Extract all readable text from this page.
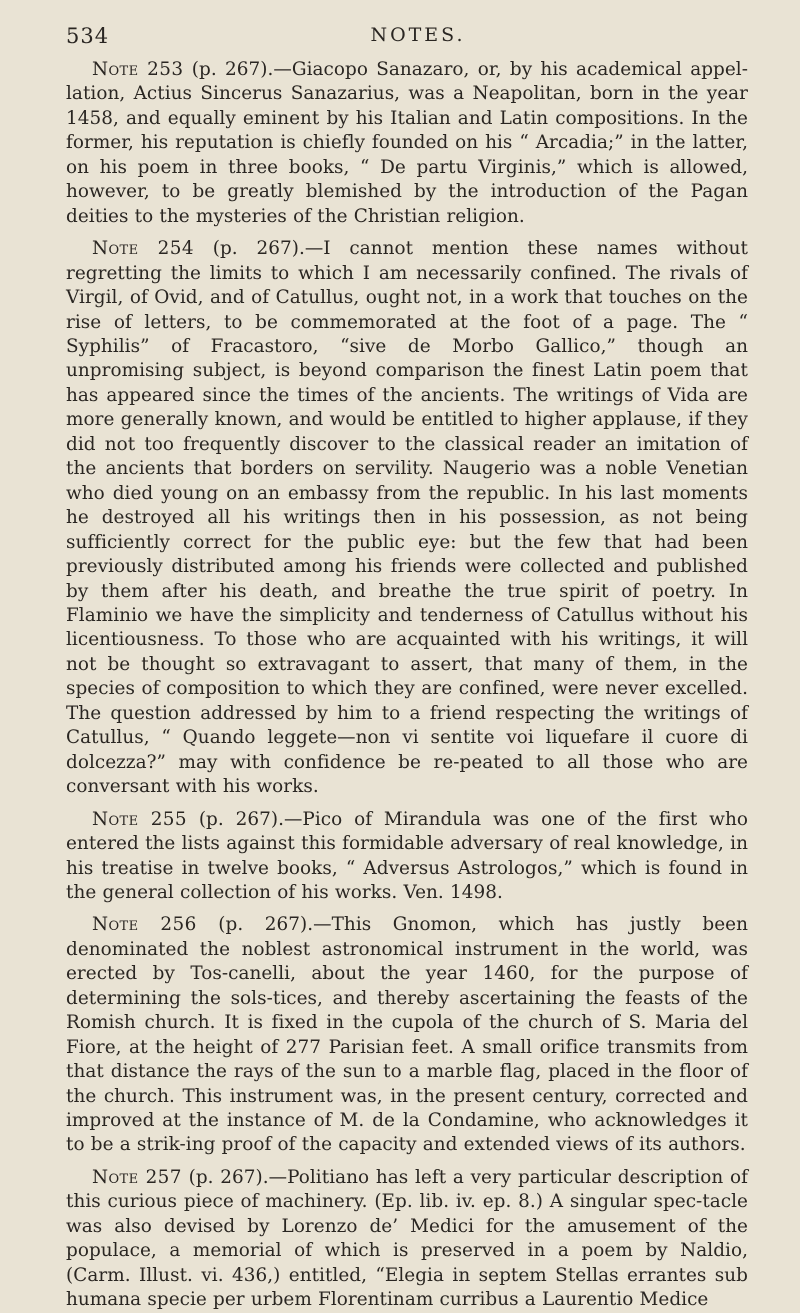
534	NOTES.

Note 253 (p. 267).—Giacopo Sanazaro, or, by his academical appel-lation, Actius Sincerus Sanazarius, was a Neapolitan, born in the year 1458, and equally eminent by his Italian and Latin compositions. In the former, his reputation is chiefly founded on his “ Arcadia;” in the latter, on his poem in three books, “ De partu Virginis,” which is allowed, however, to be greatly blemished by the introduction of the Pagan deities to the mysteries of the Christian religion.

Note 254 (p. 267).—I cannot mention these names without regretting the limits to which I am necessarily confined. The rivals of Virgil, of Ovid, and of Catullus, ought not, in a work that touches on the rise of letters, to be commemorated at the foot of a page. The “ Syphilis” of Fracastoro, “sive de Morbo Gallico,” though an unpromising subject, is beyond comparison the finest Latin poem that has appeared since the times of the ancients. The writings of Vida are more generally known, and would be entitled to higher applause, if they did not too frequently discover to the classical reader an imitation of the ancients that borders on servility. Naugerio was a noble Venetian who died young on an embassy from the republic. In his last moments he destroyed all his writings then in his possession, as not being sufficiently correct for the public eye: but the few that had been previously distributed among his friends were collected and published by them after his death, and breathe the true spirit of poetry. In Flaminio we have the simplicity and tenderness of Catullus without his licentiousness. To those who are acquainted with his writings, it will not be thought so extravagant to assert, that many of them, in the species of composition to which they are confined, were never excelled. The question addressed by him to a friend respecting the writings of Catullus, “ Quando leggete—non vi sentite voi liquefare il cuore di dolcezza?” may with confidence be re-peated to all those who are conversant with his works.

Note 255 (p. 267).—Pico of Mirandula was one of the first who entered the lists against this formidable adversary of real knowledge, in his treatise in twelve books, “ Adversus Astrologos,” which is found in the general collection of his works. Ven. 1498.

Note 256 (p. 267).—This Gnomon, which has justly been denominated the noblest astronomical instrument in the world, was erected by Tos-canelli, about the year 1460, for the purpose of determining the sols-tices, and thereby ascertaining the feasts of the Romish church. It is fixed in the cupola of the church of S. Maria del Fiore, at the height of 277 Parisian feet. A small orifice transmits from that distance the rays of the sun to a marble flag, placed in the floor of the church. This instrument was, in the present century, corrected and improved at the instance of M. de la Condamine, who acknowledges it to be a strik-ing proof of the capacity and extended views of its authors.

Note 257 (p. 267).—Politiano has left a very particular description of this curious piece of machinery. (Ep. lib. iv. ep. 8.) A singular spec-tacle was also devised by Lorenzo de’ Medici for the amusement of the populace, a memorial of which is preserved in a poem by Naldio, (Carm. Illust. vi. 436,) entitled, “Elegia in septem Stellas errantes sub humana specie per urbem Florentinam curribus a Laurentio Medice
